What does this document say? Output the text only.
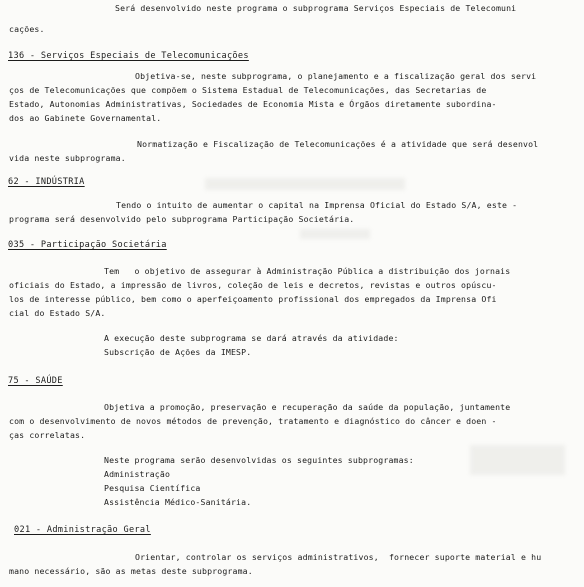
Será desenvolvido neste programa o subprograma Serviços Especiais de Telecomuni
cações.
136 - Serviços Especiais de Telecomunicações
Objetiva-se, neste subprograma, o planejamento e a fiscalização geral dos servi
ços de Telecomunicações que compõem o Sistema Estadual de Telecomunicações, das Secretarias de
Estado, Autonomias Administrativas, Sociedades de Economia Mista e Órgãos diretamente subordina-
dos ao Gabinete Governamental.
Normatização e Fiscalização de Telecomunicações é a atividade que será desenvol
vida neste subprograma.
62 - INDÚSTRIA
Tendo o intuito de aumentar o capital na Imprensa Oficial do Estado S/A, este -
programa será desenvolvido pelo subprograma Participação Societária.
035 - Participação Societária
Tem   o objetivo de assegurar à Administração Pública a distribuição dos jornais
oficiais do Estado, a impressão de livros, coleção de leis e decretos, revistas e outros opúscu-
los de interesse público, bem como o aperfeiçoamento profissional dos empregados da Imprensa Ofi
cial do Estado S/A.
A execução deste subprograma se dará através da atividade:
Subscrição de Ações da IMESP.
75 - SAÚDE
Objetiva a promoção, preservação e recuperação da saúde da população, juntamente
com o desenvolvimento de novos métodos de prevenção, tratamento e diagnóstico do câncer e doen -
ças correlatas.
Neste programa serão desenvolvidas os seguintes subprogramas:
Administração
Pesquisa Científica
Assistência Médico-Sanitária.
021 - Administração Geral
Orientar, controlar os serviços administrativos,  fornecer suporte material e hu
mano necessário, são as metas deste subprograma.
